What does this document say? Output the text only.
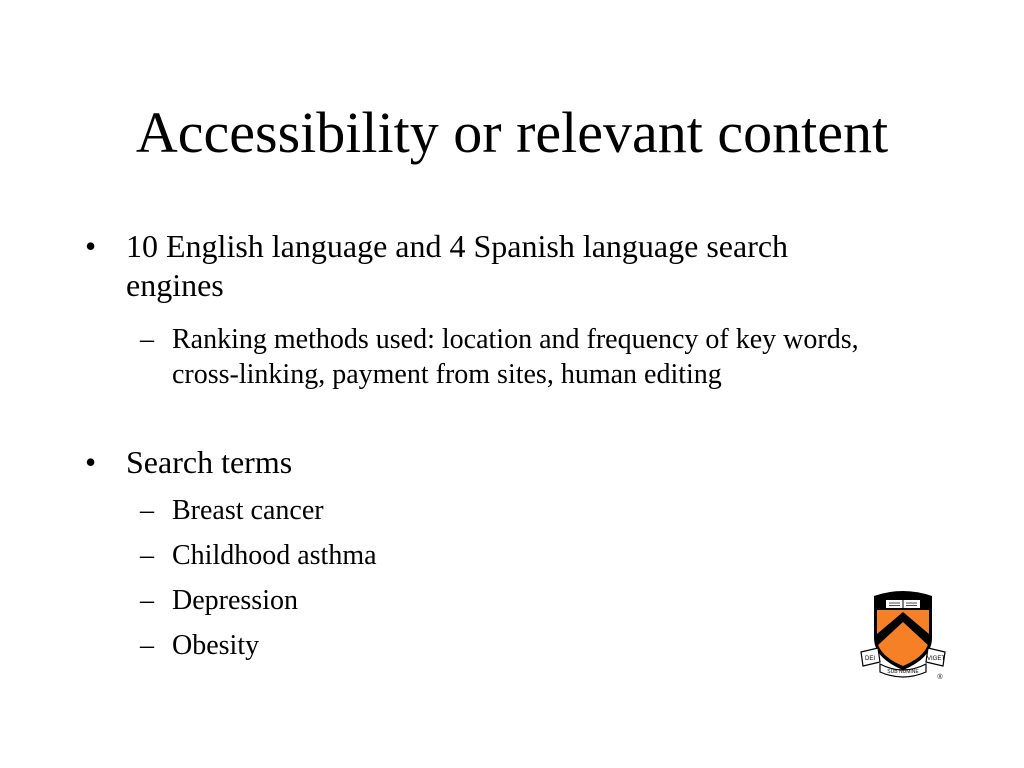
Accessibility or relevant content
• 10 English language and 4 Spanish language search engines
– Ranking methods used: location and frequency of key words, cross-linking, payment from sites, human editing
• Search terms
– Breast cancer
– Childhood asthma
– Depression
– Obesity	DEI	VIGET
SUB NUMINE
®
